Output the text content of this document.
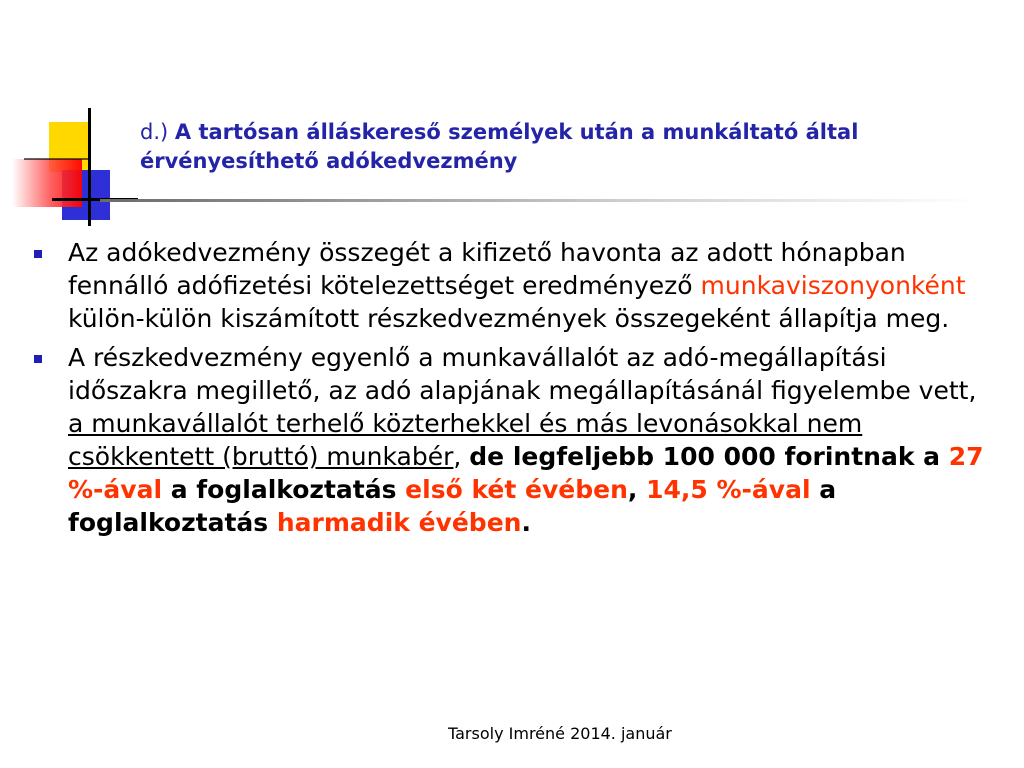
d.) A tartósan álláskereső személyek után a munkáltató által érvényesíthető adókedvezmény
Az adókedvezmény összegét a kifizető havonta az adott hónapban fennálló adófizetési kötelezettséget eredményező munkaviszonyonként külön-külön kiszámított részkedvezmények összegeként állapítja meg.
A részkedvezmény egyenlő a munkavállalót az adó-megállapítási időszakra megillető, az adó alapjának megállapításánál figyelembe vett, a munkavállalót terhelő közterhekkel és más levonásokkal nem csökkentett (bruttó) munkabér, de legfeljebb 100 000 forintnak a 27 %-ával a foglalkoztatás első két évében, 14,5 %-ával a foglalkoztatás harmadik évében.
Tarsoly Imréné 2014. január
